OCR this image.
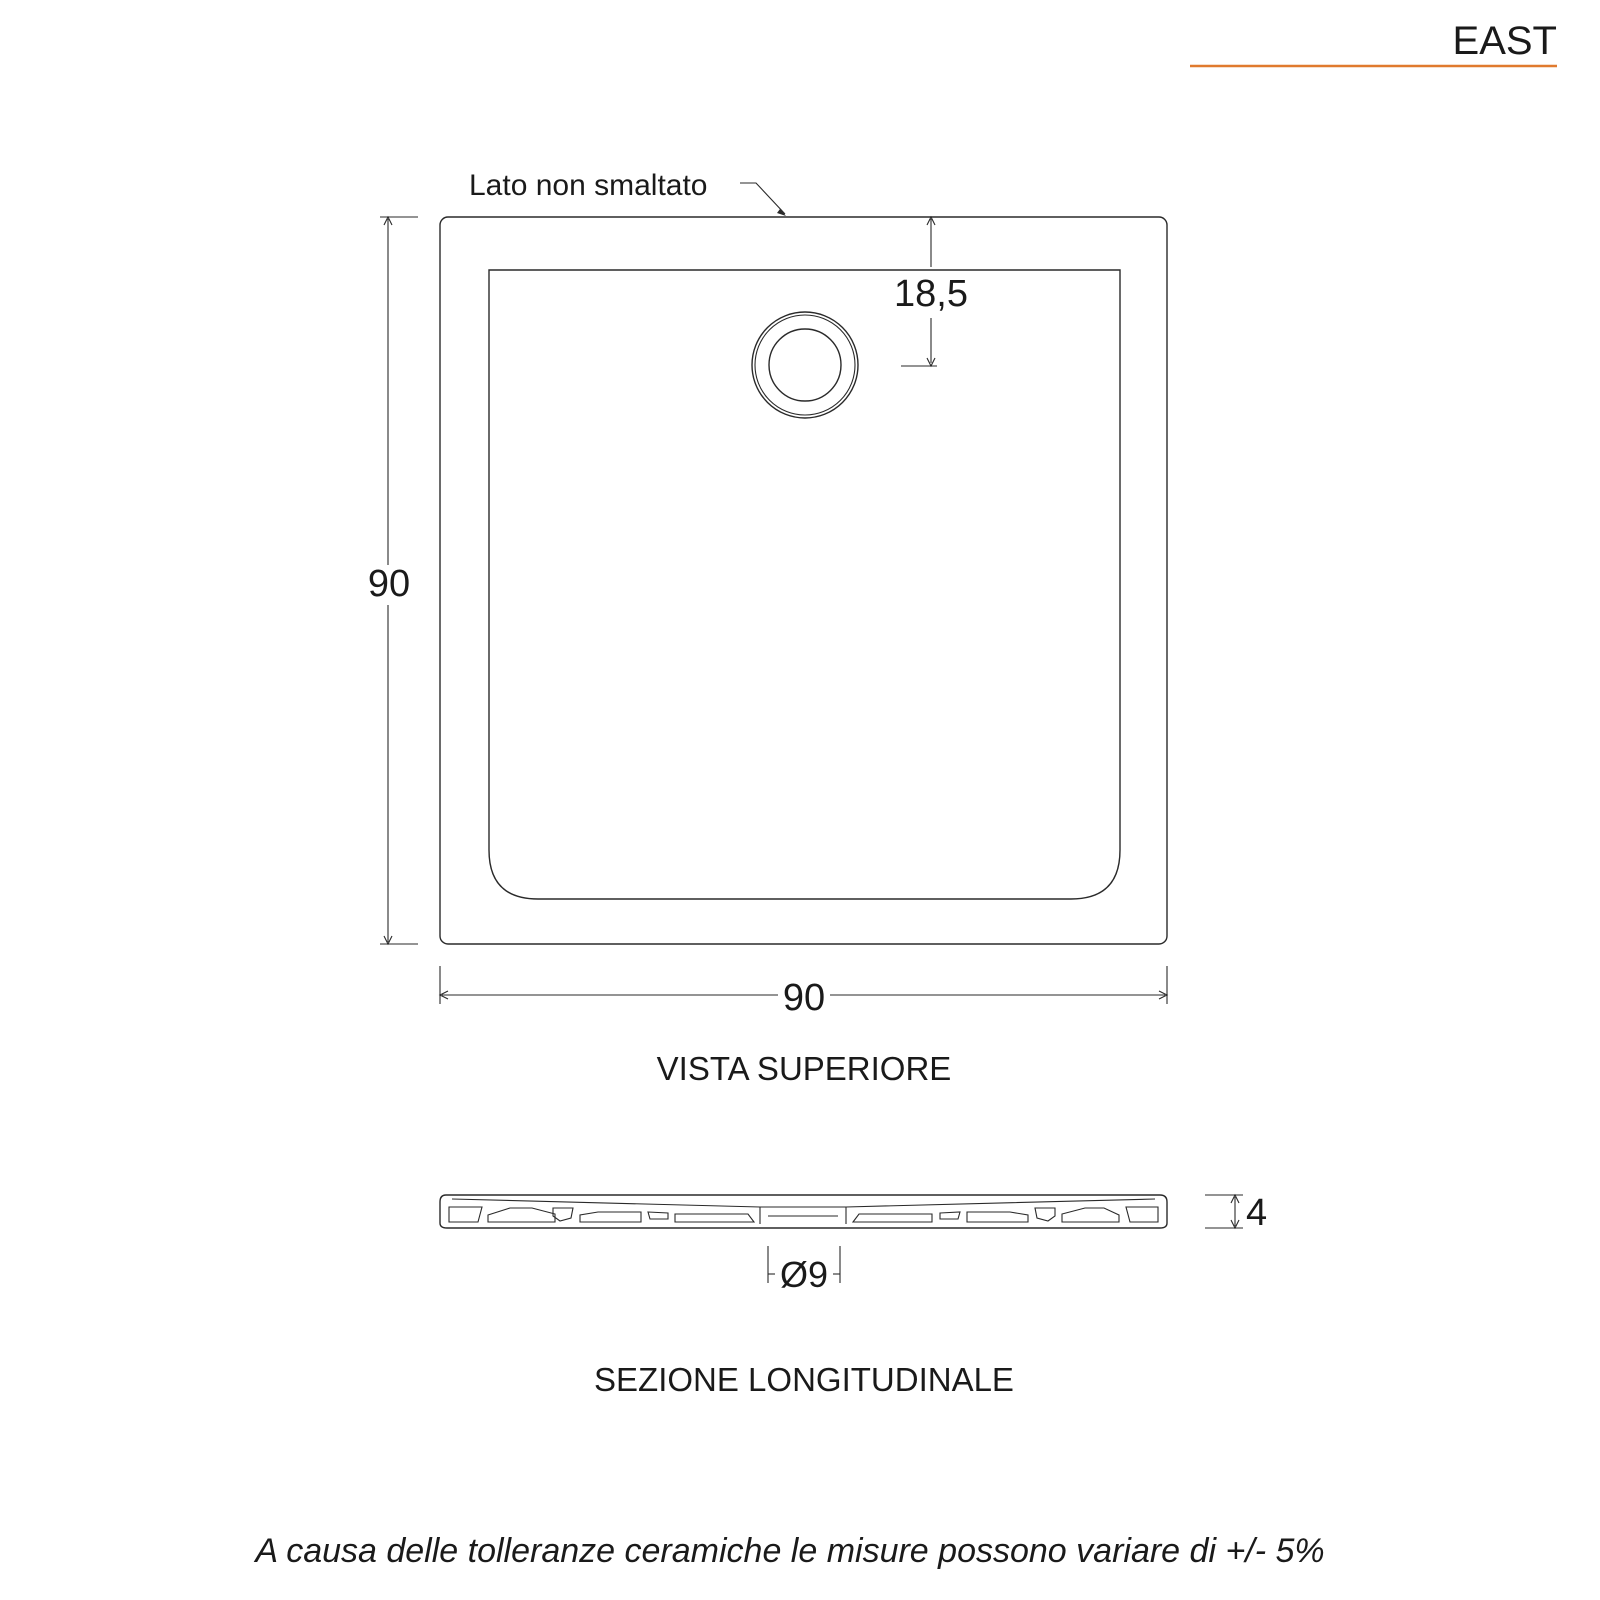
EAST
Lato non smaltato
90
90
18,5
VISTA SUPERIORE
4
Ø9
SEZIONE LONGITUDINALE
A causa delle tolleranze ceramiche le misure possono variare di +/- 5%
